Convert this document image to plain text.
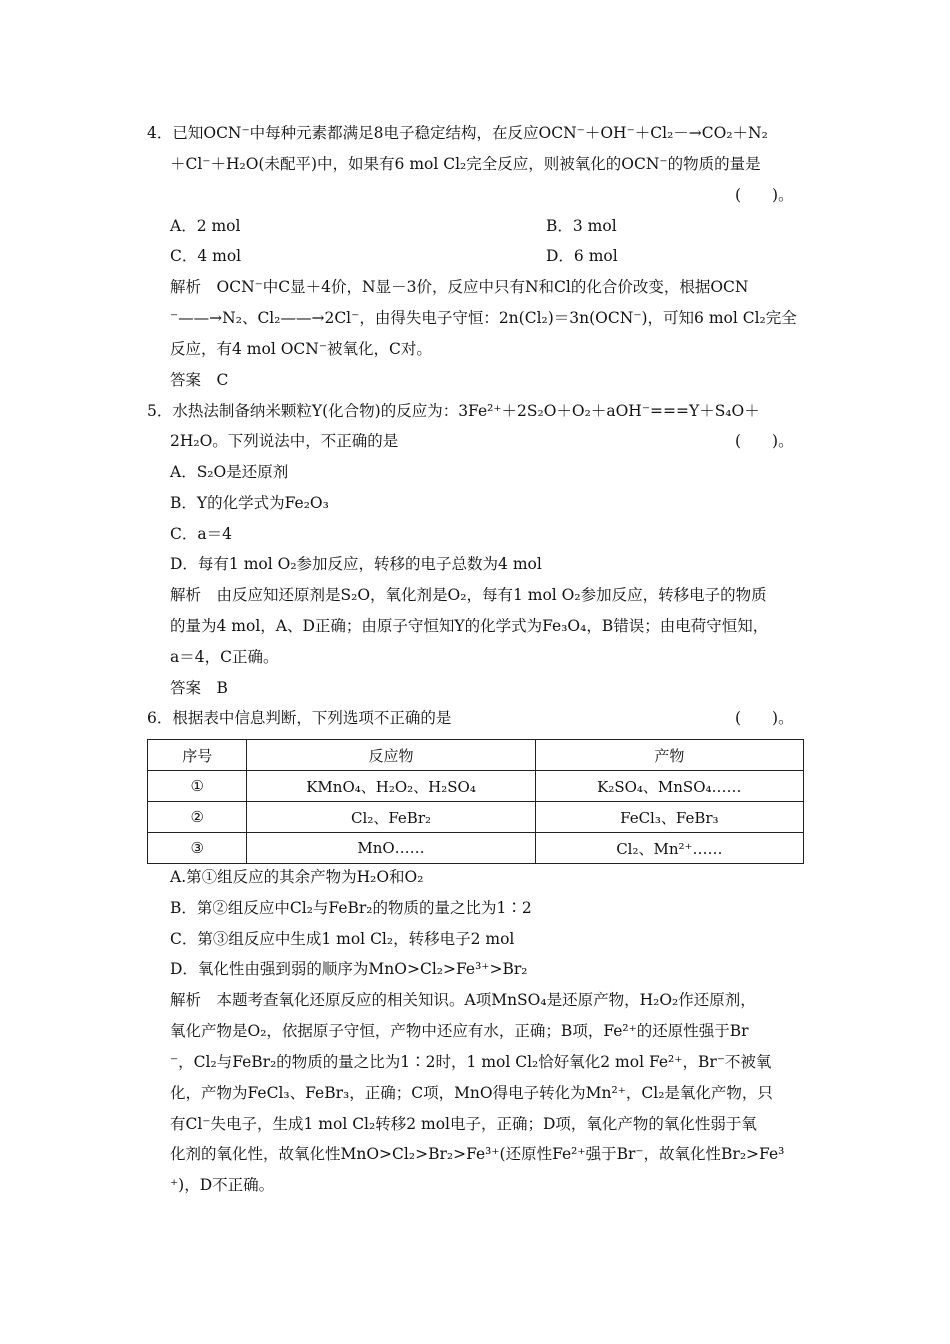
4．已知OCN⁻中每种元素都满足8电子稳定结构，在反应OCN⁻＋OH⁻＋Cl₂－→CO₂＋N₂
＋Cl⁻＋H₂O(未配平)中，如果有6 mol Cl₂完全反应，则被氧化的OCN⁻的物质的量是
(　　)。
A．2 mol	B．3 mol
C．4 mol	D．6 mol
解析　OCN⁻中C显＋4价，N显－3价，反应中只有N和Cl的化合价改变，根据OCN
⁻——→N₂、Cl₂——→2Cl⁻，由得失电子守恒：2n(Cl₂)＝3n(OCN⁻)，可知6 mol Cl₂完全
反应，有4 mol OCN⁻被氧化，C对。
答案　C
5．水热法制备纳米颗粒Y(化合物)的反应为：3Fe²⁺＋2S₂O＋O₂＋aOH⁻===Y＋S₄O＋
2H₂O。下列说法中，不正确的是	(　　)。
A．S₂O是还原剂
B．Y的化学式为Fe₂O₃
C．a＝4
D．每有1 mol O₂参加反应，转移的电子总数为4 mol
解析　由反应知还原剂是S₂O，氧化剂是O₂，每有1 mol O₂参加反应，转移电子的物质
的量为4 mol，A、D正确；由原子守恒知Y的化学式为Fe₃O₄，B错误；由电荷守恒知，
a＝4，C正确。
答案　B
6．根据表中信息判断，下列选项不正确的是	(　　)。
序号	反应物	产物
①	KMnO₄、H₂O₂、H₂SO₄	K₂SO₄、MnSO₄……
②	Cl₂、FeBr₂	FeCl₃、FeBr₃
③	MnO……	Cl₂、Mn²⁺……
A.第①组反应的其余产物为H₂O和O₂
B．第②组反应中Cl₂与FeBr₂的物质的量之比为1∶2
C．第③组反应中生成1 mol Cl₂，转移电子2 mol
D．氧化性由强到弱的顺序为MnO>Cl₂>Fe³⁺>Br₂
解析　本题考查氧化还原反应的相关知识。A项MnSO₄是还原产物，H₂O₂作还原剂，
氧化产物是O₂，依据原子守恒，产物中还应有水，正确；B项，Fe²⁺的还原性强于Br
⁻，Cl₂与FeBr₂的物质的量之比为1∶2时，1 mol Cl₂恰好氧化2 mol Fe²⁺，Br⁻不被氧
化，产物为FeCl₃、FeBr₃，正确；C项，MnO得电子转化为Mn²⁺，Cl₂是氧化产物，只
有Cl⁻失电子，生成1 mol Cl₂转移2 mol电子，正确；D项，氧化产物的氧化性弱于氧
化剂的氧化性，故氧化性MnO>Cl₂>Br₂>Fe³⁺(还原性Fe²⁺强于Br⁻，故氧化性Br₂>Fe³
⁺)，D不正确。
